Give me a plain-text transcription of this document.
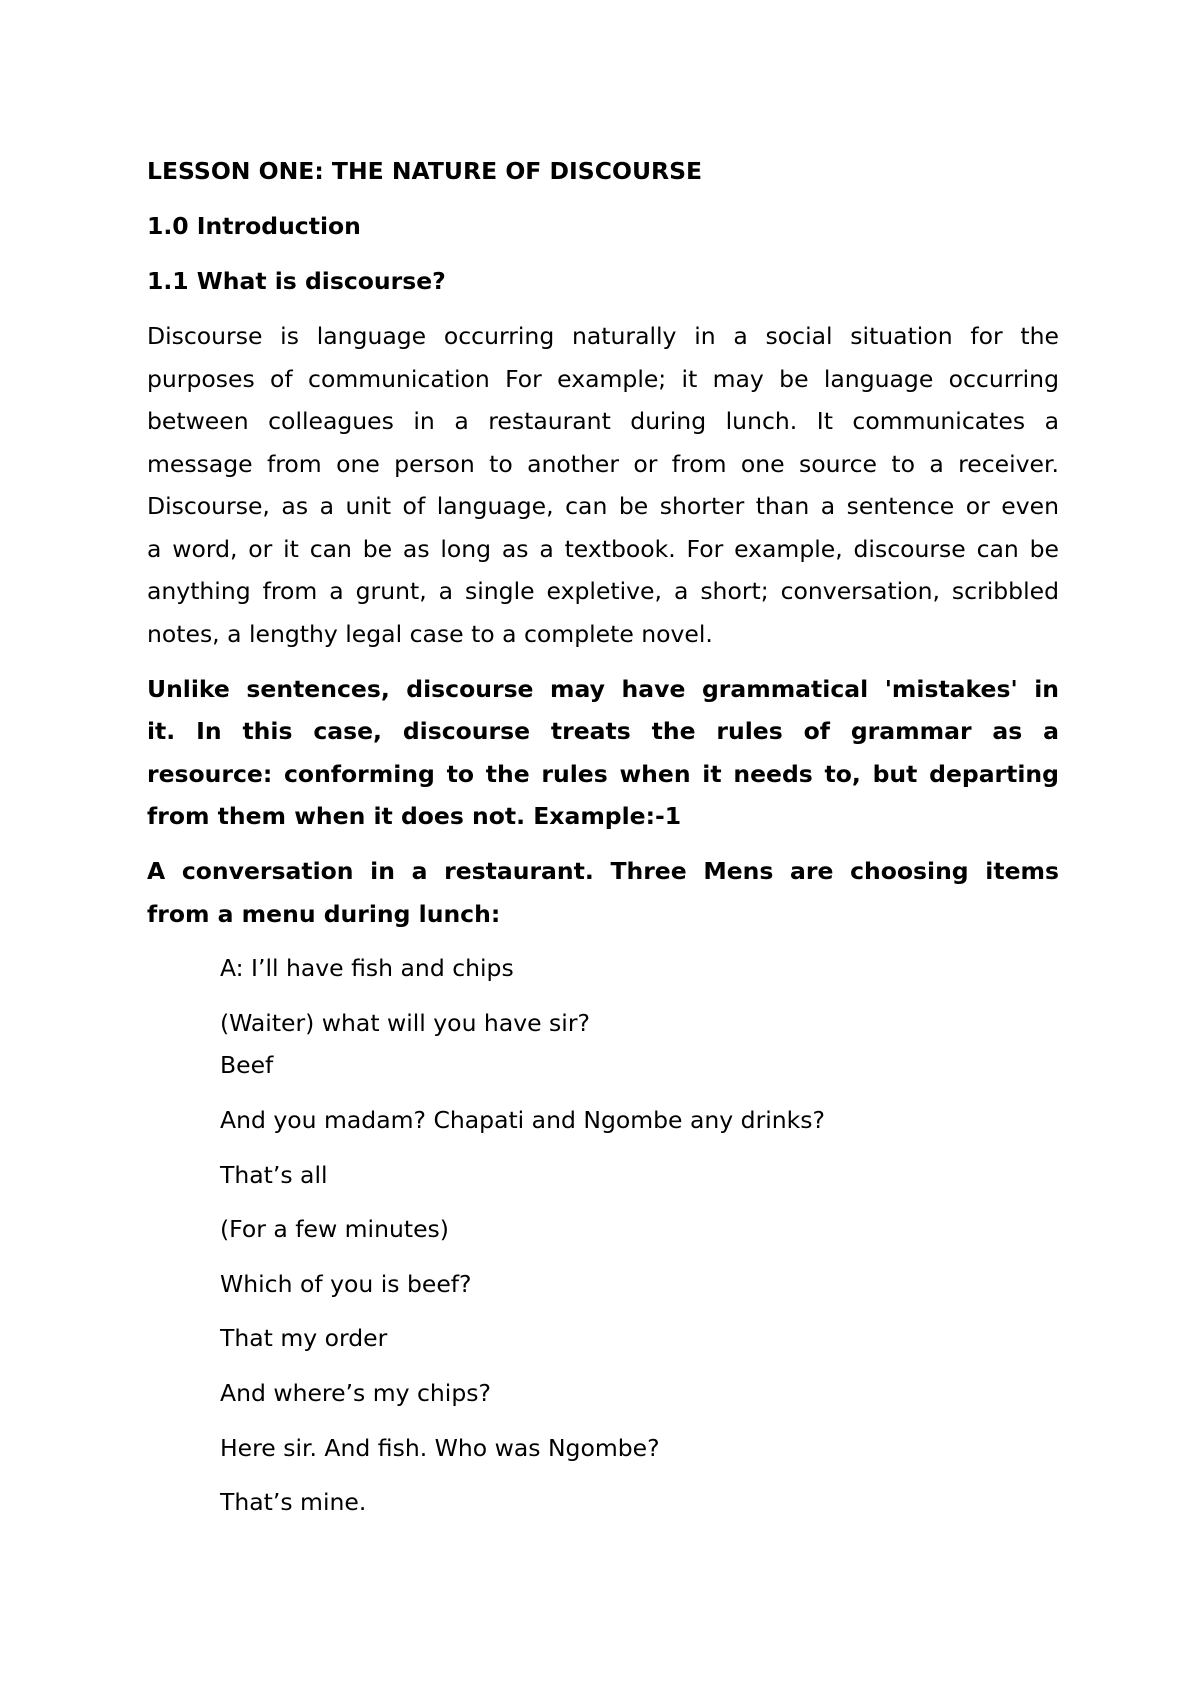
LESSON ONE: THE NATURE OF DISCOURSE
1.0 Introduction
1.1 What is discourse?
Discourse is language occurring naturally in a social situation for the
purposes of communication For example; it may be language occurring
between colleagues in a restaurant during lunch. It communicates a
message from one person to another or from one source to a receiver.
Discourse, as a unit of language, can be shorter than a sentence or even
a word, or it can be as long as a textbook. For example, discourse can be
anything from a grunt, a single expletive, a short; conversation, scribbled
notes, a lengthy legal case to a complete novel.
Unlike sentences, discourse may have grammatical 'mistakes' in
it. In this case, discourse treats the rules of grammar as a
resource: conforming to the rules when it needs to, but departing
from them when it does not. Example:-1
A conversation in a restaurant. Three Mens are choosing items
from a menu during lunch:
A: I’ll have fish and chips
(Waiter) what will you have sir?
Beef
And you madam? Chapati and Ngombe any drinks?
That’s all
(For a few minutes)
Which of you is beef?
That my order
And where’s my chips?
Here sir. And fish. Who was Ngombe?
That’s mine.
